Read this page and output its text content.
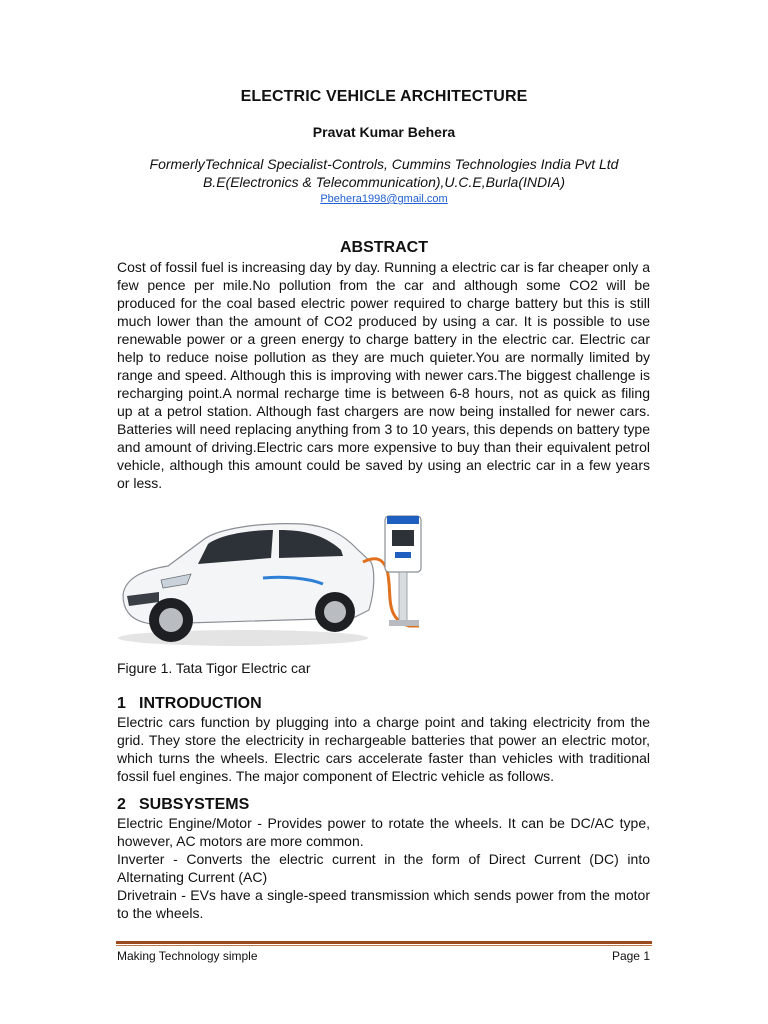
ELECTRIC VEHICLE ARCHITECTURE
Pravat Kumar Behera
FormerlyTechnical Specialist-Controls, Cummins Technologies India Pvt Ltd
B.E(Electronics & Telecommunication),U.C.E,Burla(INDIA)
Pbehera1998@gmail.com
ABSTRACT

Cost of fossil fuel is increasing day by day. Running a electric car is far cheaper only a few pence per mile.No pollution from the car and although some CO2 will be produced for the coal based electric power required to charge battery but this is still much lower than the amount of CO2 produced by using a car. It is possible to use renewable power or a green energy to charge battery in the electric car. Electric car help to reduce noise pollution as they are much quieter.You are normally limited by range and speed. Although this is improving with newer cars.The biggest challenge is recharging point.A normal recharge time is between 6-8 hours, not as quick as filing up at a petrol station. Although fast chargers are now being installed for newer cars. Batteries will need replacing anything from 3 to 10 years, this depends on battery type and amount of driving.Electric cars more expensive to buy than their equivalent petrol vehicle, although this amount could be saved by using an electric car in a few years or less.

Figure 1. Tata Tigor Electric car
1 INTRODUCTION

Electric cars function by plugging into a charge point and taking electricity from the grid. They store the electricity in rechargeable batteries that power an electric motor, which turns the wheels. Electric cars accelerate faster than vehicles with traditional fossil fuel engines. The major component of Electric vehicle as follows.

2 SUBSYSTEMS

Electric Engine/Motor - Provides power to rotate the wheels. It can be DC/AC type, however, AC motors are more common.

Inverter - Converts the electric current in the form of Direct Current (DC) into Alternating Current (AC)

Drivetrain - EVs have a single-speed transmission which sends power from the motor to the wheels.

Making Technology simple	Page 1
